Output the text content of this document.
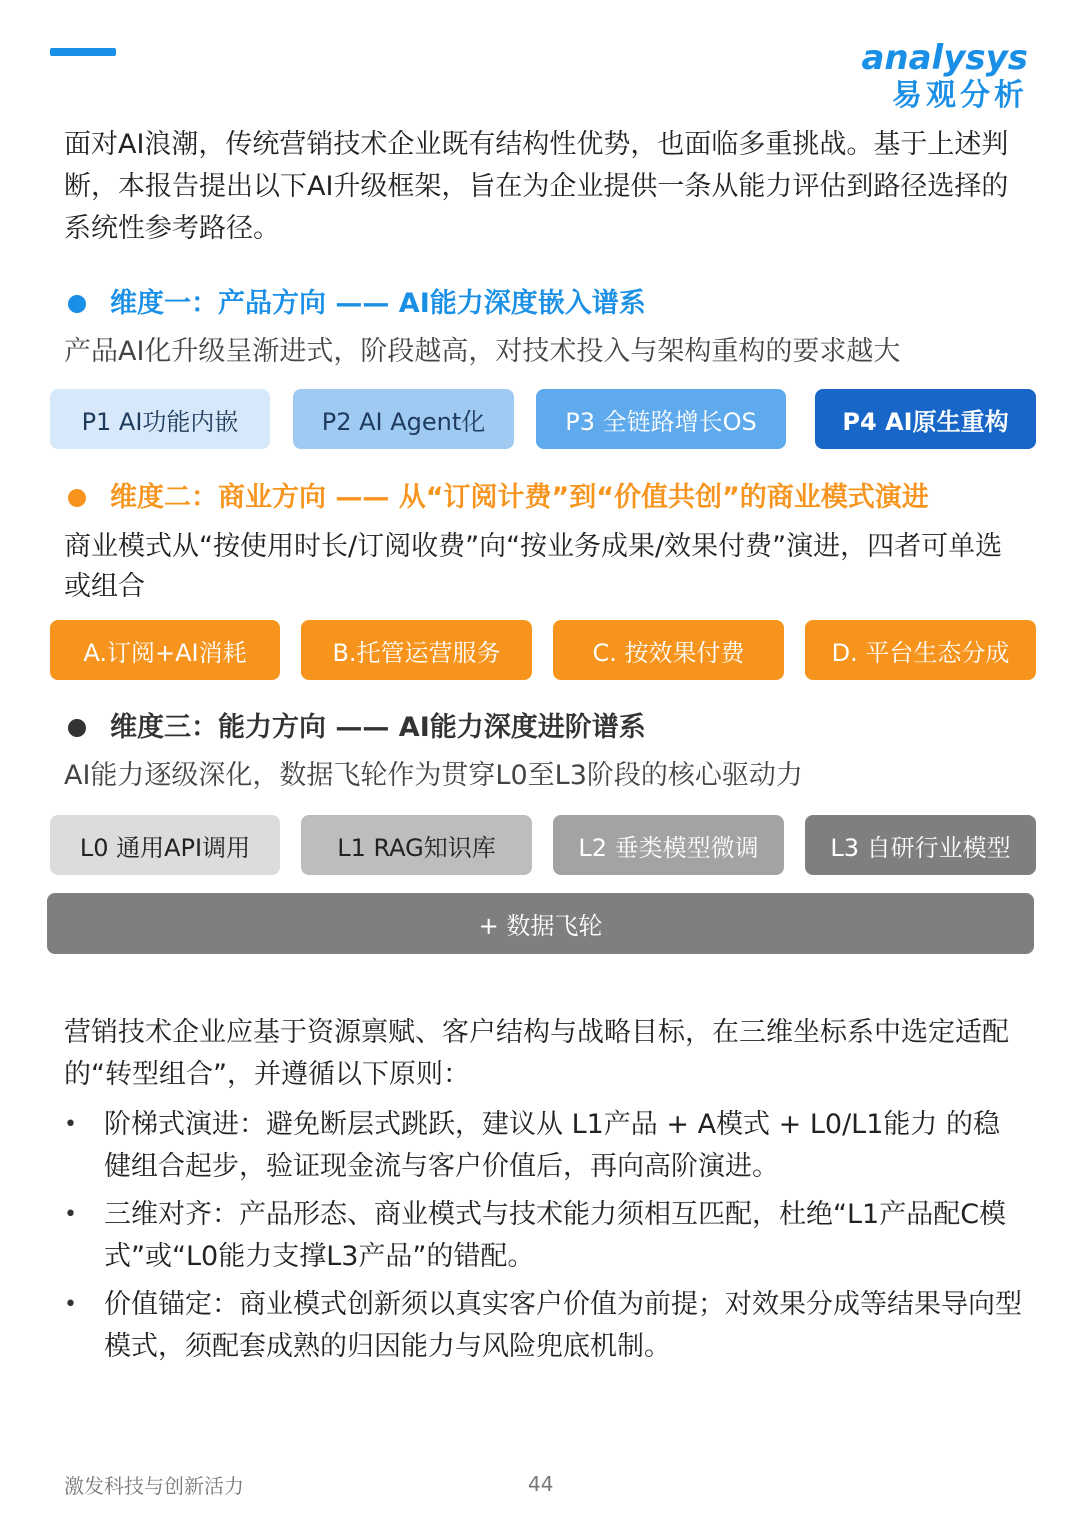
analysys
易观分析

面对AI浪潮，传统营销技术企业既有结构性优势，也面临多重挑战。基于上述判断，本报告提出以下AI升级框架，旨在为企业提供一条从能力评估到路径选择的系统性参考路径。

维度一：产品方向 —— AI能力深度嵌入谱系

产品AI化升级呈渐进式，阶段越高，对技术投入与架构重构的要求越大

P1 AI功能内嵌	P2 AI Agent化	P3 全链路增长OS	P4 AI原生重构
维度二：商业方向 —— 从“订阅计费”到“价值共创”的商业模式演进

商业模式从“按使用时长/订阅收费”向“按业务成果/效果付费”演进，四者可单选或组合

A.订阅+AI消耗	B.托管运营服务	C. 按效果付费	D. 平台生态分成
维度三：能力方向 —— AI能力深度进阶谱系

AI能力逐级深化，数据飞轮作为贯穿L0至L3阶段的核心驱动力

L0 通用API调用	L1 RAG知识库	L2 垂类模型微调	L3 自研行业模型
+ 数据飞轮

营销技术企业应基于资源禀赋、客户结构与战略目标，在三维坐标系中选定适配的“转型组合”，并遵循以下原则：

• 阶梯式演进：避免断层式跳跃，建议从 L1产品 + A模式 + L0/L1能力 的稳健组合起步，验证现金流与客户价值后，再向高阶演进。
• 三维对齐：产品形态、商业模式与技术能力须相互匹配，杜绝“L1产品配C模式”或“L0能力支撑L3产品”的错配。
• 价值锚定：商业模式创新须以真实客户价值为前提；对效果分成等结果导向型模式，须配套成熟的归因能力与风险兜底机制。
激发科技与创新活力	44
